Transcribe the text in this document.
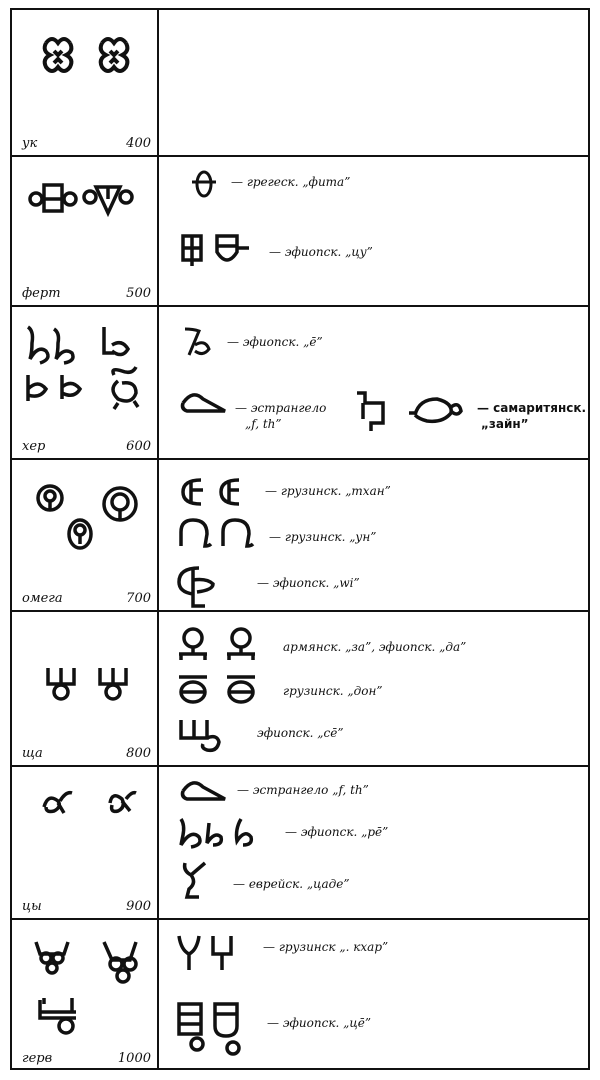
ук	400
ферт	500
— грегеск. „фита”
— эфиопск. „цу”
хер	600
— эфиопск. „ē”
— эстрангело
„f, th”
— самаритянск.
„зайн”
омега	700
— грузинск. „тхан”
— грузинск. „ун”
— эфиопск. „wi”
ща	800
армянск. „за”, эфиопск. „да”
грузинск. „дон”
эфиопск. „сē”
цы	900
— эстрангело „f, th”
— эфиопск. „рē”
— еврейск. „цаде”
герв	1000
— грузинск „. кхар”
— эфиопск. „цē”
